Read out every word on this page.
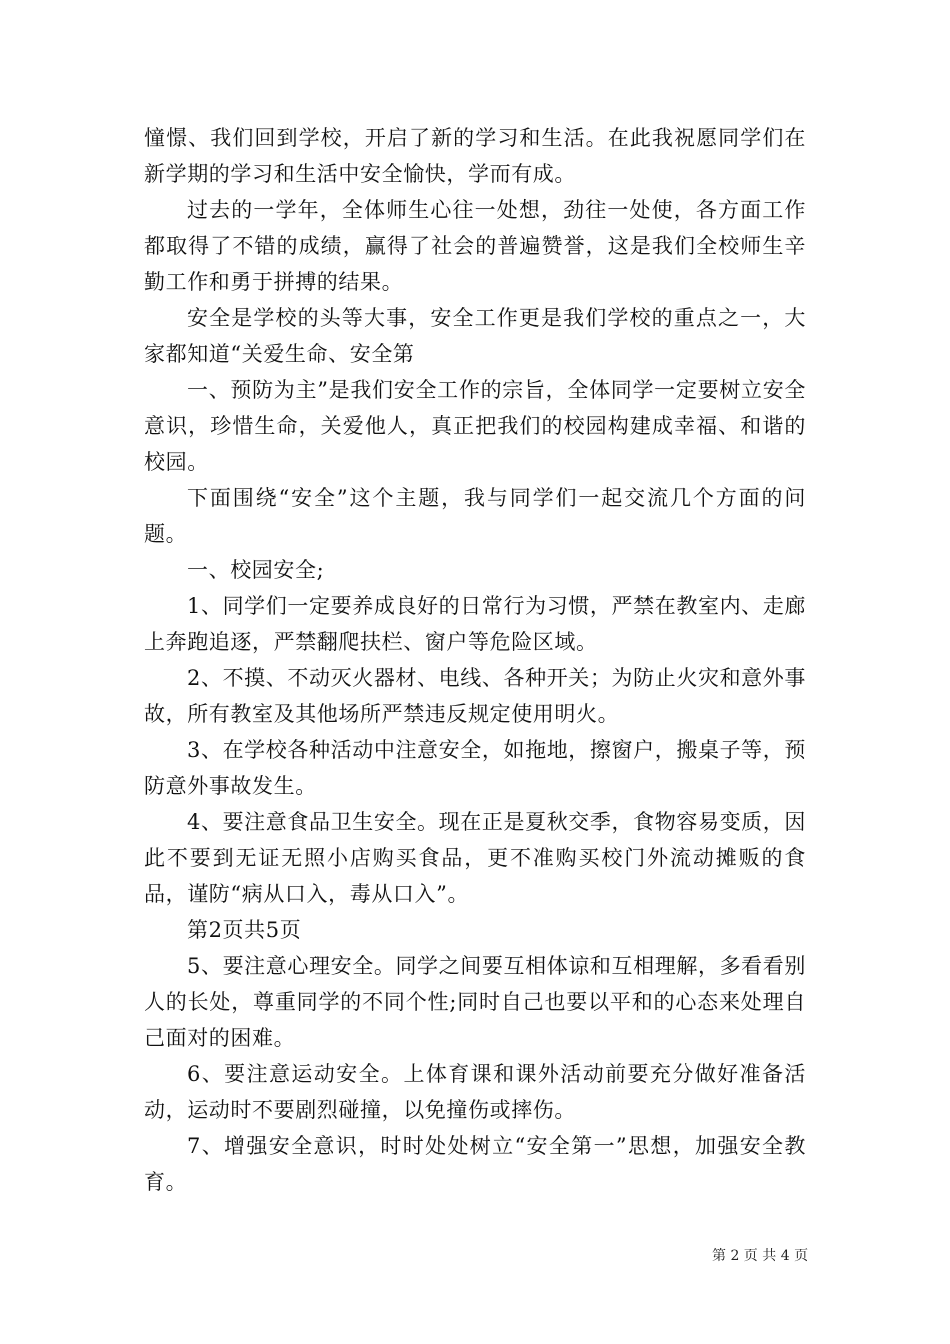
憧憬、我们回到学校，开启了新的学习和生活。在此我祝愿同学们在新学期的学习和生活中安全愉快，学而有成。

过去的一学年，全体师生心往一处想，劲往一处使，各方面工作都取得了不错的成绩，赢得了社会的普遍赞誉，这是我们全校师生辛勤工作和勇于拼搏的结果。

安全是学校的头等大事，安全工作更是我们学校的重点之一，大家都知道“关爱生命、安全第

一、预防为主”是我们安全工作的宗旨，全体同学一定要树立安全意识，珍惜生命，关爱他人，真正把我们的校园构建成幸福、和谐的校园。

下面围绕“安全”这个主题，我与同学们一起交流几个方面的问题。

一、校园安全;

1、同学们一定要养成良好的日常行为习惯，严禁在教室内、走廊上奔跑追逐，严禁翻爬扶栏、窗户等危险区域。

2、不摸、不动灭火器材、电线、各种开关；为防止火灾和意外事故，所有教室及其他场所严禁违反规定使用明火。

3、在学校各种活动中注意安全，如拖地，擦窗户，搬桌子等，预防意外事故发生。

4、要注意食品卫生安全。现在正是夏秋交季，食物容易变质，因此不要到无证无照小店购买食品，更不准购买校门外流动摊贩的食品，谨防“病从口入，毒从口入”。

第2页共5页

5、要注意心理安全。同学之间要互相体谅和互相理解，多看看别人的长处，尊重同学的不同个性;同时自己也要以平和的心态来处理自己面对的困难。

6、要注意运动安全。上体育课和课外活动前要充分做好准备活动，运动时不要剧烈碰撞，以免撞伤或摔伤。

7、增强安全意识，时时处处树立“安全第一”思想，加强安全教育。

第 2 页 共 4 页
